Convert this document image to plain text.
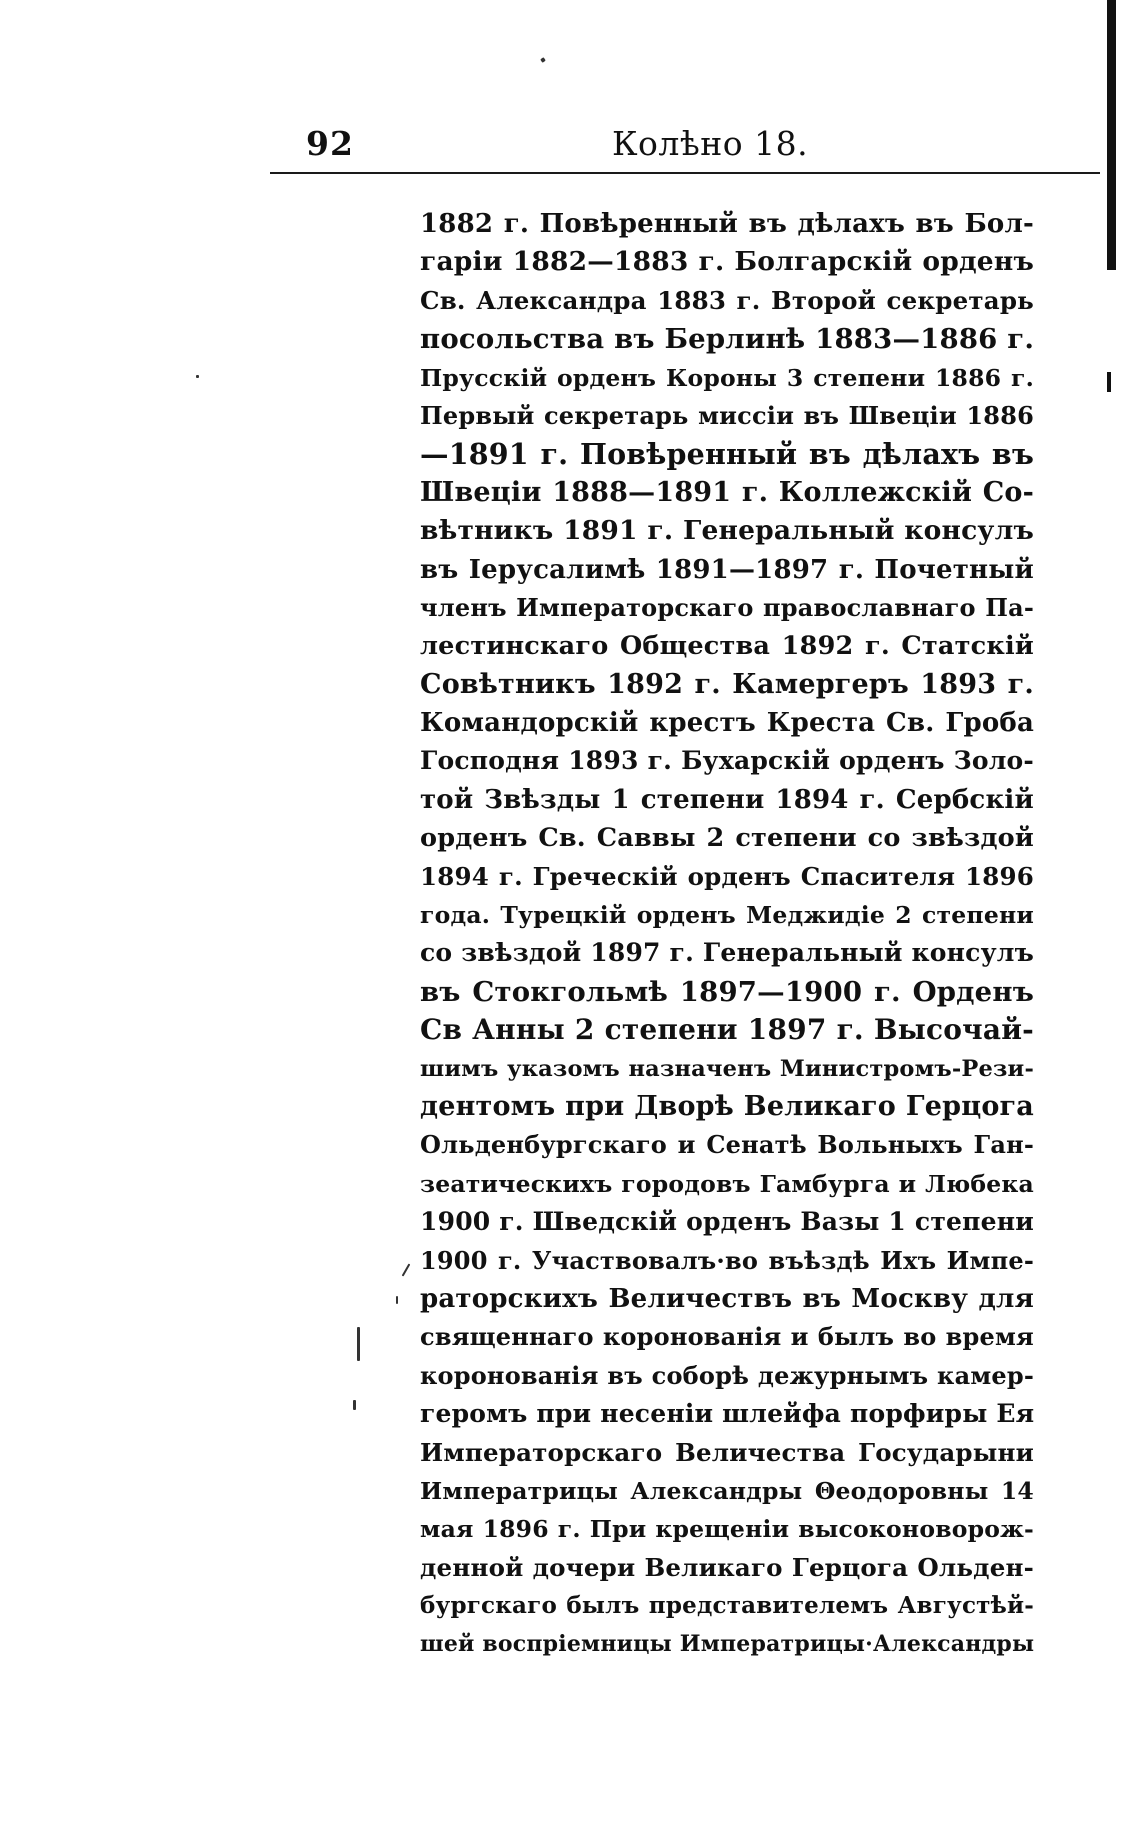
92	Колѣно 18.
1882 г. Повѣренный въ дѣлахъ въ Бол-
гаріи 1882—1883 г. Болгарскій орденъ
Св. Александра 1883 г. Второй секретарь
посольства въ Берлинѣ 1883—1886 г.
Прусскій орденъ Короны 3 степени 1886 г.
Первый секретарь миссіи въ Швеціи 1886
—1891 г. Повѣренный въ дѣлахъ въ
Швеціи 1888—1891 г. Коллежскій Со-
вѣтникъ 1891 г. Генеральный консулъ
въ Іерусалимѣ 1891—1897 г. Почетный
членъ Императорскаго православнаго Па-
лестинскаго Общества 1892 г. Статскій
Совѣтникъ 1892 г. Камергеръ 1893 г.
Командорскій крестъ Креста Св. Гроба
Господня 1893 г. Бухарскій орденъ Золо-
той Звѣзды 1 степени 1894 г. Сербскій
орденъ Св. Саввы 2 степени со звѣздой
1894 г. Греческій орденъ Спасителя 1896
года. Турецкій орденъ Меджидіе 2 степени
со звѣздой 1897 г. Генеральный консулъ
въ Стокгольмѣ 1897—1900 г. Орденъ
Св Анны 2 степени 1897 г. Высочай-
шимъ указомъ назначенъ Министромъ-Рези-
дентомъ при Дворѣ Великаго Герцога
Ольденбургскаго и Сенатѣ Вольныхъ Ган-
зеатическихъ городовъ Гамбурга и Любека
1900 г. Шведскій орденъ Вазы 1 степени
1900 г. Участвовалъ·во въѣздѣ Ихъ Импе-
раторскихъ Величествъ въ Москву для
священнаго коронованія и былъ во время
коронованія въ соборѣ дежурнымъ камер-
геромъ при несеніи шлейфа порфиры Ея
Императорскаго Величества Государыни
Императрицы Александры Θеодоровны 14
мая 1896 г. При крещеніи высоконоворож-
денной дочери Великаго Герцога Ольден-
бургскаго былъ представителемъ Августѣй-
шей воспріемницы Императрицы·Александры
